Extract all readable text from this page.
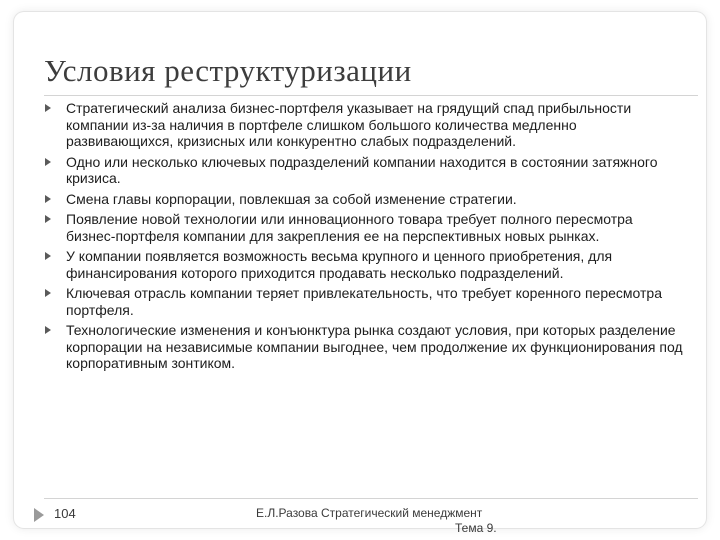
Условия реструктуризации
Стратегический анализа бизнес-портфеля указывает на грядущий спад прибыльности компании из-за наличия в портфеле слишком большого количества медленно развивающихся, кризисных или конкурентно слабых подразделений.
Одно или несколько ключевых подразделений компании находится в состоянии затяжного кризиса.
Смена главы корпорации, повлекшая за собой изменение стратегии.
Появление новой технологии или инновационного товара требует полного пересмотра бизнес-портфеля компании для закрепления ее на перспективных новых рынках.
У компании появляется возможность весьма крупного и ценного приобретения, для финансирования которого приходится продавать несколько подразделений.
Ключевая отрасль компании теряет привлекательность, что требует коренного пересмотра портфеля.
Технологические изменения и конъюнктура рынка создают условия, при которых разделение корпорации на независимые компании выгоднее, чем продолжение их функционирования под корпоративным зонтиком.
104	Е.Л.Разова Стратегический менеджмент
Тема 9.
